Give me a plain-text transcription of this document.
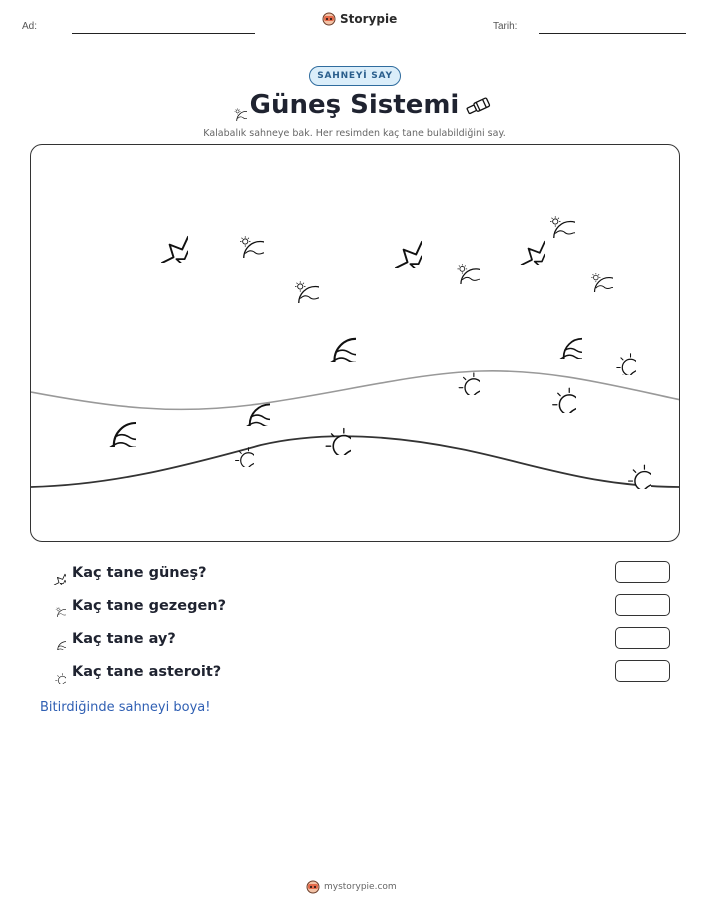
Ad:
Storypie
Tarih:
SAHNEYİ SAY
Güneş Sistemi
Kalabalık sahneye bak. Her resimden kaç tane bulabildiğini say.
Kaç tane güneş?
Kaç tane gezegen?
Kaç tane ay?
Kaç tane asteroit?
Bitirdiğinde sahneyi boya!
mystorypie.com
